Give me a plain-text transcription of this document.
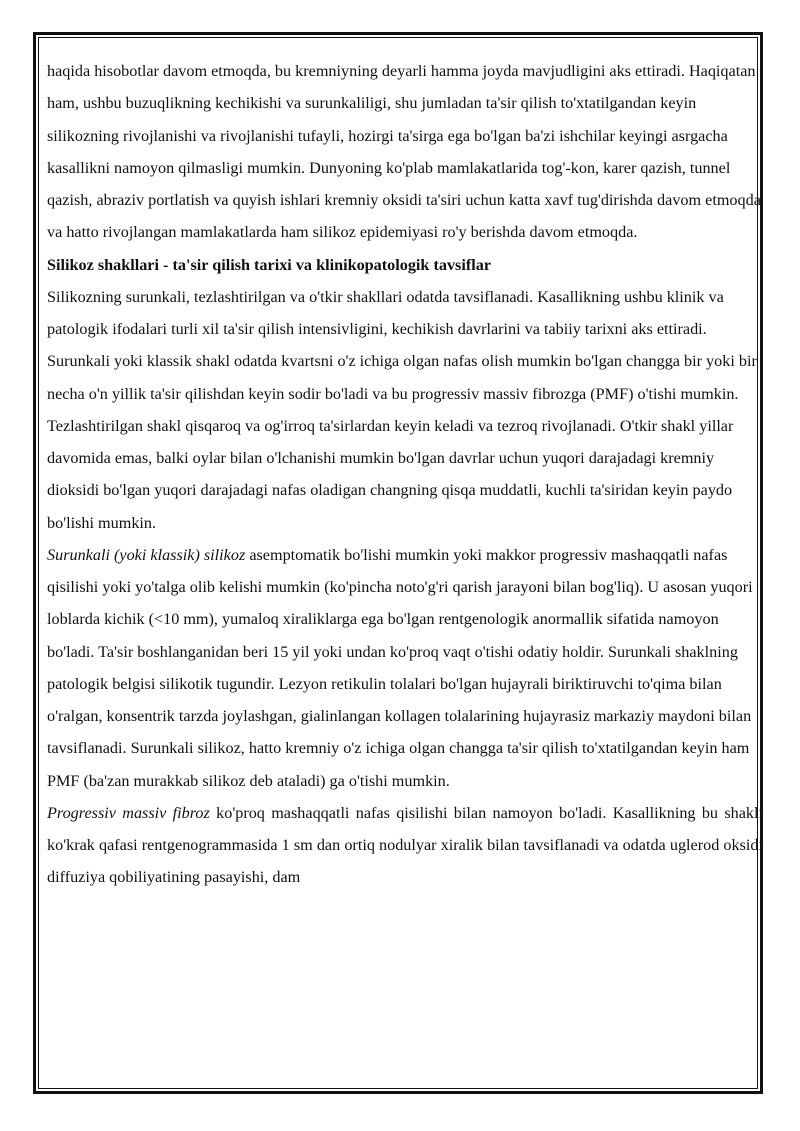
haqida hisobotlar davom etmoqda, bu kremniyning deyarli hamma joyda mavjudligini aks ettiradi. Haqiqatan ham, ushbu buzuqlikning kechikishi va surunkaliligi, shu jumladan ta'sir qilish to'xtatilgandan keyin silikozning rivojlanishi va rivojlanishi tufayli, hozirgi ta'sirga ega bo'lgan ba'zi ishchilar keyingi asrgacha kasallikni namoyon qilmasligi mumkin. Dunyoning ko'plab mamlakatlarida tog'-kon, karer qazish, tunnel qazish, abraziv portlatish va quyish ishlari kremniy oksidi ta'siri uchun katta xavf tug'dirishda davom etmoqda va hatto rivojlangan mamlakatlarda ham silikoz epidemiyasi ro'y berishda davom etmoqda.

Silikoz shakllari - ta'sir qilish tarixi va klinikopatologik tavsiflar

Silikozning surunkali, tezlashtirilgan va o'tkir shakllari odatda tavsiflanadi. Kasallikning ushbu klinik va patologik ifodalari turli xil ta'sir qilish intensivligini, kechikish davrlarini va tabiiy tarixni aks ettiradi. Surunkali yoki klassik shakl odatda kvartsni o'z ichiga olgan nafas olish mumkin bo'lgan changga bir yoki bir necha o'n yillik ta'sir qilishdan keyin sodir bo'ladi va bu progressiv massiv fibrozga (PMF) o'tishi mumkin. Tezlashtirilgan shakl qisqaroq va og'irroq ta'sirlardan keyin keladi va tezroq rivojlanadi. O'tkir shakl yillar davomida emas, balki oylar bilan o'lchanishi mumkin bo'lgan davrlar uchun yuqori darajadagi kremniy dioksidi bo'lgan yuqori darajadagi nafas oladigan changning qisqa muddatli, kuchli ta'siridan keyin paydo bo'lishi mumkin.

Surunkali (yoki klassik) silikoz asemptomatik bo'lishi mumkin yoki makkor progressiv mashaqqatli nafas qisilishi yoki yo'talga olib kelishi mumkin (ko'pincha noto'g'ri qarish jarayoni bilan bog'liq). U asosan yuqori loblarda kichik (<10 mm), yumaloq xiraliklarga ega bo'lgan rentgenologik anormallik sifatida namoyon bo'ladi. Ta'sir boshlanganidan beri 15 yil yoki undan ko'proq vaqt o'tishi odatiy holdir. Surunkali shaklning patologik belgisi silikotik tugundir. Lezyon retikulin tolalari bo'lgan hujayrali biriktiruvchi to'qima bilan o'ralgan, konsentrik tarzda joylashgan, gialinlangan kollagen tolalarining hujayrasiz markaziy maydoni bilan tavsiflanadi. Surunkali silikoz, hatto kremniy o'z ichiga olgan changga ta'sir qilish to'xtatilgandan keyin ham PMF (ba'zan murakkab silikoz deb ataladi) ga o'tishi mumkin.

Progressiv massiv fibroz ko'proq mashaqqatli nafas qisilishi bilan namoyon bo'ladi. Kasallikning bu shakli ko'krak qafasi rentgenogrammasida 1 sm dan ortiq nodulyar xiralik bilan tavsiflanadi va odatda uglerod oksidi diffuziya qobiliyatining pasayishi, dam
